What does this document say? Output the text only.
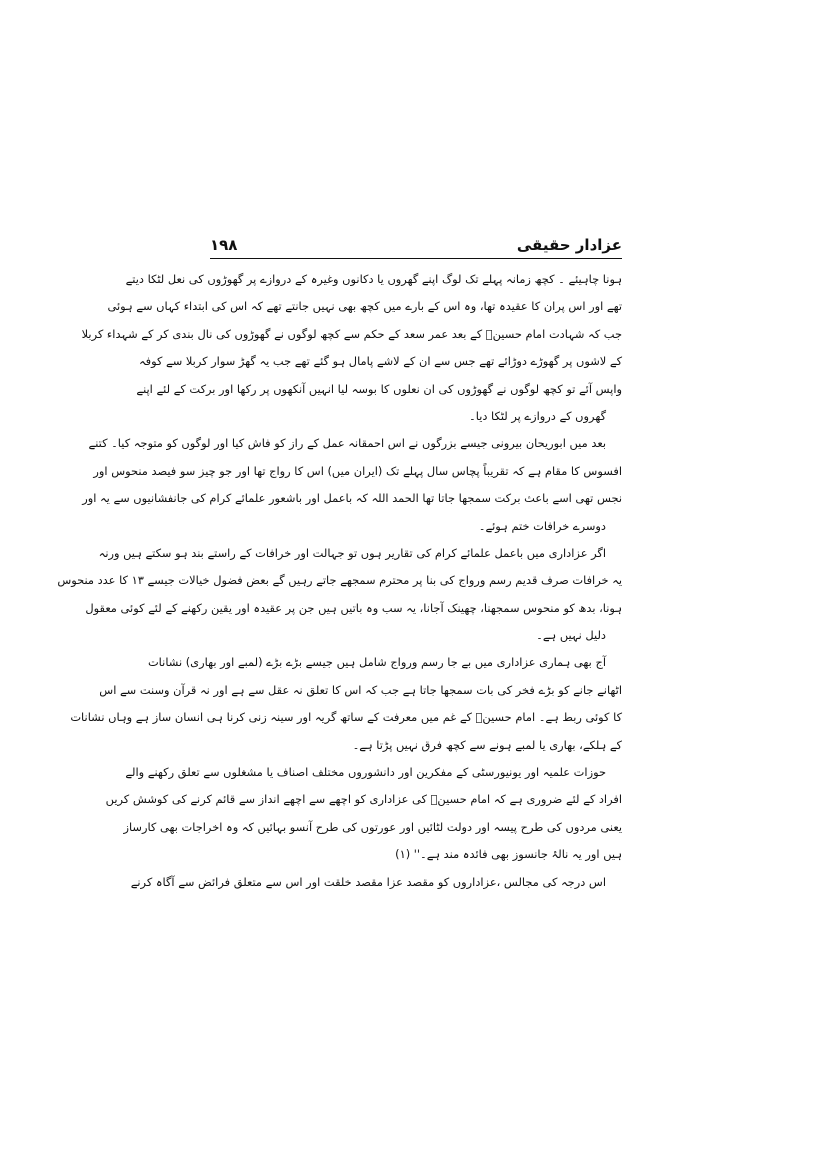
عزادار حقیقی
۱۹۸
ہونا چاہیئے ۔ کچھ زمانہ پہلے تک لوگ اپنے گھروں یا دکانوں وغیرہ کے دروازے پر گھوڑوں کی نعل لٹکا دیتے
تھے اور اس پران کا عقیدہ تھا، وہ اس کے بارے میں کچھ بھی نہیں جانتے تھے کہ اس کی ابتداء کہاں سے ہوئی
جب کہ شہادت امام حسینؑ کے بعد عمر سعد کے حکم سے کچھ لوگوں نے گھوڑوں کی نال بندی کر کے شہداء کربلا
کے لاشوں پر گھوڑے دوڑائے تھے جس سے ان کے لاشے پامال ہو گئے تھے جب یہ گھڑ سوار کربلا سے کوفہ
واپس آئے تو کچھ لوگوں نے گھوڑوں کی ان نعلوں کا بوسہ لیا انہیں آنکھوں پر رکھا اور برکت کے لئے اپنے
گھروں کے دروازے پر لٹکا دیا۔
بعد میں ابوریحان بیرونی جیسے بزرگوں نے اس احمقانہ عمل کے راز کو فاش کیا اور لوگوں کو متوجہ کیا۔ کتنے
افسوس کا مقام ہے کہ تقریباً پچاس سال پہلے تک (ایران میں) اس کا رواج تھا اور جو چیز سو فیصد منحوس اور
نجس تھی اسے باعث برکت سمجھا جاتا تھا الحمد اللہ کہ باعمل اور باشعور علمائے کرام کی جانفشانیوں سے یہ اور
دوسرے خرافات ختم ہوئے۔
اگر عزاداری میں باعمل علمائے کرام کی تقاریر ہوں تو جہالت اور خرافات کے راستے بند ہو سکتے ہیں ورنہ
یہ خرافات صرف قدیم رسم ورواج کی بنا پر محترم سمجھے جاتے رہیں گے بعض فضول خیالات جیسے ۱۳ کا عدد منحوس
ہونا، بدھ کو منحوس سمجھنا، چھینک آجانا، یہ سب وہ باتیں ہیں جن پر عقیدہ اور یقین رکھنے کے لئے کوئی معقول
دلیل نہیں ہے۔
آج بھی ہماری عزاداری میں بے جا رسم ورواج شامل ہیں جیسے بڑے بڑے (لمبے اور بھاری) نشانات
اٹھانے جانے کو بڑے فخر کی بات سمجھا جاتا ہے جب کہ اس کا تعلق نہ عقل سے ہے اور نہ قرآن وسنت سے اس
کا کوئی ربط ہے۔ امام حسینؑ کے غم میں معرفت کے ساتھ گریہ اور سینہ زنی کرنا ہی انسان ساز ہے وہاں نشانات
کے ہلکے، بھاری یا لمبے ہونے سے کچھ فرق نہیں پڑتا ہے۔
حوزات علمیہ اور یونیورسٹی کے مفکرین اور دانشوروں مختلف اصناف یا مشغلوں سے تعلق رکھنے والے
افراد کے لئے ضروری ہے کہ امام حسینؑ کی عزاداری کو اچھے سے اچھے انداز سے قائم کرنے کی کوشش کریں
یعنی مردوں کی طرح پیسہ اور دولت لٹائیں اور عورتوں کی طرح آنسو بہائیں کہ وہ اخراجات بھی کارساز
ہیں اور یہ نالۂ جانسوز بھی فائدہ مند ہے۔'' (۱)
اس درجہ کی مجالس ،عزاداروں کو مقصد عزا مقصد خلقت اور اس سے متعلق فرائض سے آگاہ کرنے
